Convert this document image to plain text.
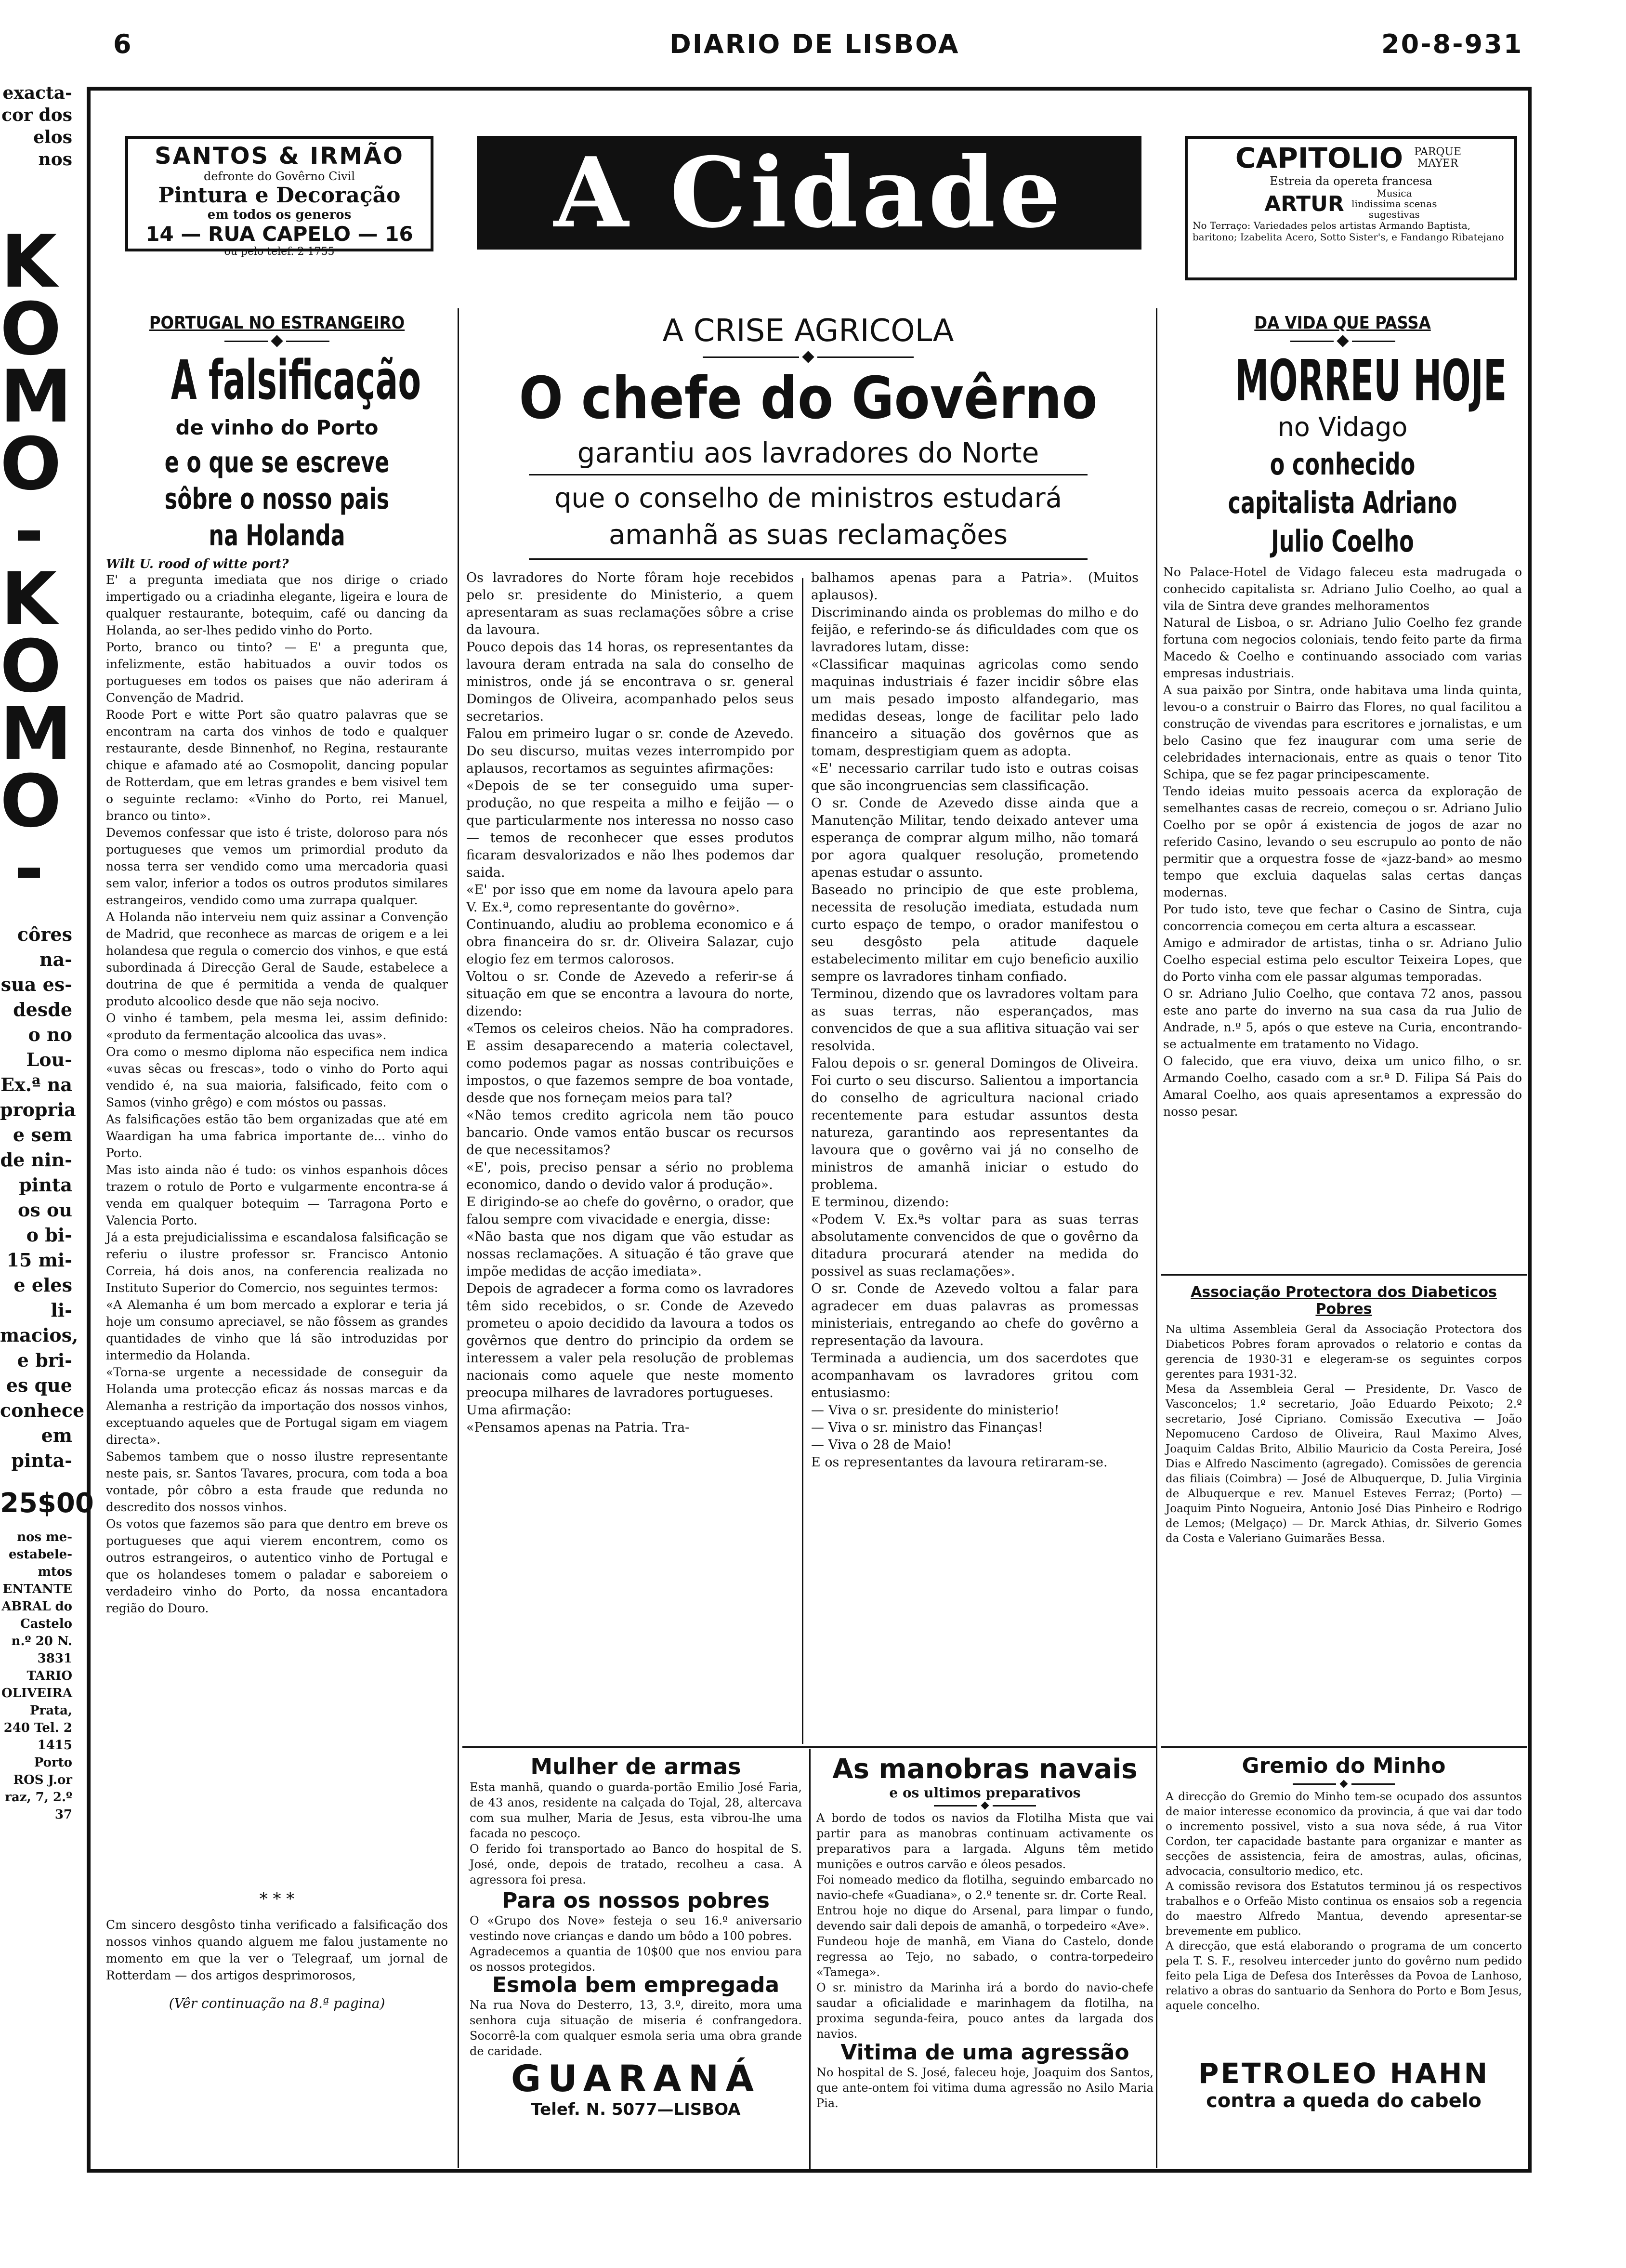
6	DIARIO DE LISBOA	20-8-931
exacta- cor dos elos nos
KOMO - KOMO -
côres na- sua es- desde o no Lou- Ex.ª na propria e sem de nin- pinta os ou o bi- 15 mi- e eles li- macios, e bri- es que conhece em pinta-
25$00
nos me- estabele- mtos ENTANTE ABRAL do Castelo n.º 20 N. 3831 TARIO OLIVEIRA Prata, 240 Tel. 2 1415 Porto ROS J.or raz, 7, 2.º 37
SANTOS & IRMÃO
defronte do Govêrno Civil
Pintura e Decoração
em todos os generos
14 — RUA CAPELO — 16
ou pelo telef. 2 1755
A Cidade	CAPITOLIO	PARQUE MAYER
Estreia da opereta francesa
ARTUR	Musica lindissima scenas sugestivas
No Terraço: Variedades pelos artistas Armando Baptista, baritono; Izabelita Acero, Sotto Sister's, e Fandango Ribatejano
PORTUGAL NO ESTRANGEIRO
A falsificação
de vinho do Porto
e o que se escreve sôbre o nosso pais na Holanda
Wilt U. rood of witte port?
E' a pregunta imediata que nos dirige o criado impertigado ou a criadinha elegante, ligeira e loura de qualquer restaurante, botequim, café ou dancing da Holanda, ao ser-lhes pedido vinho do Porto.
Porto, branco ou tinto? — E' a pregunta que, infelizmente, estão habituados a ouvir todos os portugueses em todos os paises que não aderiram á Convenção de Madrid.
Roode Port e witte Port são quatro palavras que se encontram na carta dos vinhos de todo e qualquer restaurante, desde Binnenhof, no Regina, restaurante chique e afamado até ao Cosmopolit, dancing popular de Rotterdam, que em letras grandes e bem visivel tem o seguinte reclamo: «Vinho do Porto, rei Manuel, branco ou tinto».
Devemos confessar que isto é triste, doloroso para nós portugueses que vemos um primordial produto da nossa terra ser vendido como uma mercadoria quasi sem valor, inferior a todos os outros produtos similares estrangeiros, vendido como uma zurrapa qualquer.
A Holanda não interveiu nem quiz assinar a Convenção de Madrid, que reconhece as marcas de origem e a lei holandesa que regula o comercio dos vinhos, e que está subordinada á Direcção Geral de Saude, estabelece a doutrina de que é permitida a venda de qualquer produto alcoolico desde que não seja nocivo.
O vinho é tambem, pela mesma lei, assim definido: «produto da fermentação alcoolica das uvas».
Ora como o mesmo diploma não especifica nem indica «uvas sêcas ou frescas», todo o vinho do Porto aqui vendido é, na sua maioria, falsificado, feito com o Samos (vinho grêgo) e com móstos ou passas.
As falsificações estão tão bem organizadas que até em Waardigan ha uma fabrica importante de... vinho do Porto.
Mas isto ainda não é tudo: os vinhos espanhois dôces trazem o rotulo de Porto e vulgarmente encontra-se á venda em qualquer botequim — Tarragona Porto e Valencia Porto.
Já a esta prejudicialissima e escandalosa falsificação se referiu o ilustre professor sr. Francisco Antonio Correia, há dois anos, na conferencia realizada no Instituto Superior do Comercio, nos seguintes termos:
«A Alemanha é um bom mercado a explorar e teria já hoje um consumo apreciavel, se não fôssem as grandes quantidades de vinho que lá são introduzidas por intermedio da Holanda.
«Torna-se urgente a necessidade de conseguir da Holanda uma protecção eficaz ás nossas marcas e da Alemanha a restrição da importação dos nossos vinhos, exceptuando aqueles que de Portugal sigam em viagem directa».
Sabemos tambem que o nosso ilustre representante neste pais, sr. Santos Tavares, procura, com toda a boa vontade, pôr côbro a esta fraude que redunda no descredito dos nossos vinhos.
Os votos que fazemos são para que dentro em breve os portugueses que aqui vierem encontrem, como os outros estrangeiros, o autentico vinho de Portugal e que os holandeses tomem o paladar e saboreiem o verdadeiro vinho do Porto, da nossa encantadora região do Douro.
* * *
Cm sincero desgôsto tinha verificado a falsificação dos nossos vinhos quando alguem me falou justamente no momento em que la ver o Telegraaf, um jornal de Rotterdam — dos artigos desprimorosos,
(Vêr continuação na 8.ª pagina)
A CRISE AGRICOLA
O chefe do Govêrno
garantiu aos lavradores do Norte
que o conselho de ministros estudará amanhã as suas reclamações
Os lavradores do Norte fôram hoje recebidos pelo sr. presidente do Ministerio, a quem apresentaram as suas reclamações sôbre a crise da lavoura.
Pouco depois das 14 horas, os representantes da lavoura deram entrada na sala do conselho de ministros, onde já se encontrava o sr. general Domingos de Oliveira, acompanhado pelos seus secretarios.
Falou em primeiro lugar o sr. conde de Azevedo. Do seu discurso, muitas vezes interrompido por aplausos, recortamos as seguintes afirmações:
«Depois de se ter conseguido uma super-produção, no que respeita a milho e feijão — o que particularmente nos interessa no nosso caso — temos de reconhecer que esses produtos ficaram desvalorizados e não lhes podemos dar saida.
«E' por isso que em nome da lavoura apelo para V. Ex.ª, como representante do govêrno».
Continuando, aludiu ao problema economico e á obra financeira do sr. dr. Oliveira Salazar, cujo elogio fez em termos calorosos.
Voltou o sr. Conde de Azevedo a referir-se á situação em que se encontra a lavoura do norte, dizendo:
«Temos os celeiros cheios. Não ha compradores. E assim desaparecendo a materia colectavel, como podemos pagar as nossas contribuições e impostos, o que fazemos sempre de boa vontade, desde que nos forneçam meios para tal?
«Não temos credito agricola nem tão pouco bancario. Onde vamos então buscar os recursos de que necessitamos?
«E', pois, preciso pensar a sério no problema economico, dando o devido valor á produção».
E dirigindo-se ao chefe do govêrno, o orador, que falou sempre com vivacidade e energia, disse:
«Não basta que nos digam que vão estudar as nossas reclamações. A situação é tão grave que impõe medidas de acção imediata».
Depois de agradecer a forma como os lavradores têm sido recebidos, o sr. Conde de Azevedo prometeu o apoio decidido da lavoura a todos os govêrnos que dentro do principio da ordem se interessem a valer pela resolução de problemas nacionais como aquele que neste momento preocupa milhares de lavradores portugueses.
Uma afirmação:
«Pensamos apenas na Patria. Tra-
balhamos apenas para a Patria». (Muitos aplausos).
Discriminando ainda os problemas do milho e do feijão, e referindo-se ás dificuldades com que os lavradores lutam, disse:
«Classificar maquinas agricolas como sendo maquinas industriais é fazer incidir sôbre elas um mais pesado imposto alfandegario, mas medidas deseas, longe de facilitar pelo lado financeiro a situação dos govêrnos que as tomam, desprestigiam quem as adopta.
«E' necessario carrilar tudo isto e outras coisas que são incongruencias sem classificação.
O sr. Conde de Azevedo disse ainda que a Manutenção Militar, tendo deixado antever uma esperança de comprar algum milho, não tomará por agora qualquer resolução, prometendo apenas estudar o assunto.
Baseado no principio de que este problema, necessita de resolução imediata, estudada num curto espaço de tempo, o orador manifestou o seu desgôsto pela atitude daquele estabelecimento militar em cujo beneficio auxilio sempre os lavradores tinham confiado.
Terminou, dizendo que os lavradores voltam para as suas terras, não esperançados, mas convencidos de que a sua aflitiva situação vai ser resolvida.
Falou depois o sr. general Domingos de Oliveira. Foi curto o seu discurso. Salientou a importancia do conselho de agricultura nacional criado recentemente para estudar assuntos desta natureza, garantindo aos representantes da lavoura que o govêrno vai já no conselho de ministros de amanhã iniciar o estudo do problema.
E terminou, dizendo:
«Podem V. Ex.ªs voltar para as suas terras absolutamente convencidos de que o govêrno da ditadura procurará atender na medida do possivel as suas reclamações».
O sr. Conde de Azevedo voltou a falar para agradecer em duas palavras as promessas ministeriais, entregando ao chefe do govêrno a representação da lavoura.
Terminada a audiencia, um dos sacerdotes que acompanhavam os lavradores gritou com entusiasmo:
— Viva o sr. presidente do ministerio!
— Viva o sr. ministro das Finanças!
— Viva o 28 de Maio!
E os representantes da lavoura retiraram-se.
Mulher de armas
Esta manhã, quando o guarda-portão Emilio José Faria, de 43 anos, residente na calçada do Tojal, 28, altercava com sua mulher, Maria de Jesus, esta vibrou-lhe uma facada no pescoço.
O ferido foi transportado ao Banco do hospital de S. José, onde, depois de tratado, recolheu a casa. A agressora foi presa.
Para os nossos pobres
O «Grupo dos Nove» festeja o seu 16.º aniversario vestindo nove crianças e dando um bôdo a 100 pobres.
Agradecemos a quantia de 10$00 que nos enviou para os nossos protegidos.
Esmola bem empregada
Na rua Nova do Desterro, 13, 3.º, direito, mora uma senhora cuja situação de miseria é confrangedora. Socorrê-la com qualquer esmola seria uma obra grande de caridade.
GUARANÁ
Telef. N. 5077—LISBOA
As manobras navais
e os ultimos preparativos
A bordo de todos os navios da Flotilha Mista que vai partir para as manobras continuam activamente os preparativos para a largada. Alguns têm metido munições e outros carvão e óleos pesados.
Foi nomeado medico da flotilha, seguindo embarcado no navio-chefe «Guadiana», o 2.º tenente sr. dr. Corte Real.
Entrou hoje no dique do Arsenal, para limpar o fundo, devendo sair dali depois de amanhã, o torpedeiro «Ave».
Fundeou hoje de manhã, em Viana do Castelo, donde regressa ao Tejo, no sabado, o contra-torpedeiro «Tamega».
O sr. ministro da Marinha irá a bordo do navio-chefe saudar a oficialidade e marinhagem da flotilha, na proxima segunda-feira, pouco antes da largada dos navios.
Vitima de uma agressão
No hospital de S. José, faleceu hoje, Joaquim dos Santos, que ante-ontem foi vitima duma agressão no Asilo Maria Pia.
DA VIDA QUE PASSA
MORREU HOJE
no Vidago
o conhecido capitalista Adriano Julio Coelho
No Palace-Hotel de Vidago faleceu esta madrugada o conhecido capitalista sr. Adriano Julio Coelho, ao qual a vila de Sintra deve grandes melhoramentos
Natural de Lisboa, o sr. Adriano Julio Coelho fez grande fortuna com negocios coloniais, tendo feito parte da firma Macedo & Coelho e continuando associado com varias empresas industriais.
A sua paixão por Sintra, onde habitava uma linda quinta, levou-o a construir o Bairro das Flores, no qual facilitou a construção de vivendas para escritores e jornalistas, e um belo Casino que fez inaugurar com uma serie de celebridades internacionais, entre as quais o tenor Tito Schipa, que se fez pagar principescamente.
Tendo ideias muito pessoais acerca da exploração de semelhantes casas de recreio, começou o sr. Adriano Julio Coelho por se opôr á existencia de jogos de azar no referido Casino, levando o seu escrupulo ao ponto de não permitir que a orquestra fosse de «jazz-band» ao mesmo tempo que excluia daquelas salas certas danças modernas.
Por tudo isto, teve que fechar o Casino de Sintra, cuja concorrencia começou em certa altura a escassear.
Amigo e admirador de artistas, tinha o sr. Adriano Julio Coelho especial estima pelo escultor Teixeira Lopes, que do Porto vinha com ele passar algumas temporadas.
O sr. Adriano Julio Coelho, que contava 72 anos, passou este ano parte do inverno na sua casa da rua Julio de Andrade, n.º 5, após o que esteve na Curia, encontrando-se actualmente em tratamento no Vidago.
O falecido, que era viuvo, deixa um unico filho, o sr. Armando Coelho, casado com a sr.ª D. Filipa Sá Pais do Amaral Coelho, aos quais apresentamos a expressão do nosso pesar.
Associação Protectora dos Diabeticos Pobres
Na ultima Assembleia Geral da Associação Protectora dos Diabeticos Pobres foram aprovados o relatorio e contas da gerencia de 1930-31 e elegeram-se os seguintes corpos gerentes para 1931-32.
Mesa da Assembleia Geral — Presidente, Dr. Vasco de Vasconcelos; 1.º secretario, João Eduardo Peixoto; 2.º secretario, José Cipriano. Comissão Executiva — João Nepomuceno Cardoso de Oliveira, Raul Maximo Alves, Joaquim Caldas Brito, Albilio Mauricio da Costa Pereira, José Dias e Alfredo Nascimento (agregado). Comissões de gerencia das filiais (Coimbra) — José de Albuquerque, D. Julia Virginia de Albuquerque e rev. Manuel Esteves Ferraz; (Porto) — Joaquim Pinto Nogueira, Antonio José Dias Pinheiro e Rodrigo de Lemos; (Melgaço) — Dr. Marck Athias, dr. Silverio Gomes da Costa e Valeriano Guimarães Bessa.
Gremio do Minho
A direcção do Gremio do Minho tem-se ocupado dos assuntos de maior interesse economico da provincia, á que vai dar todo o incremento possivel, visto a sua nova séde, á rua Vitor Cordon, ter capacidade bastante para organizar e manter as secções de assistencia, feira de amostras, aulas, oficinas, advocacia, consultorio medico, etc.
A comissão revisora dos Estatutos terminou já os respectivos trabalhos e o Orfeão Misto continua os ensaios sob a regencia do maestro Alfredo Mantua, devendo apresentar-se brevemente em publico.
A direcção, que está elaborando o programa de um concerto pela T. S. F., resolveu interceder junto do govêrno num pedido feito pela Liga de Defesa dos Interêsses da Povoa de Lanhoso, relativo a obras do santuario da Senhora do Porto e Bom Jesus, aquele concelho.
PETROLEO HAHN
contra a queda do cabelo
